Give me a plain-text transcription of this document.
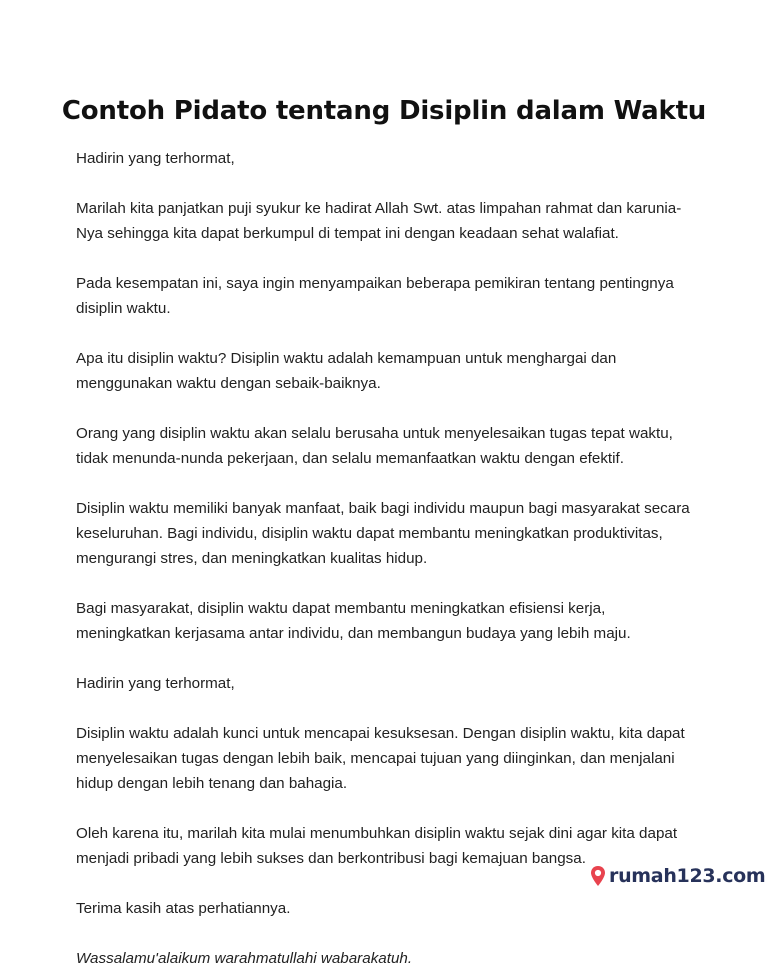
Contoh Pidato tentang Disiplin dalam Waktu

Hadirin yang terhormat,

Marilah kita panjatkan puji syukur ke hadirat Allah Swt. atas limpahan rahmat dan karunia-Nya sehingga kita dapat berkumpul di tempat ini dengan keadaan sehat walafiat.

Pada kesempatan ini, saya ingin menyampaikan beberapa pemikiran tentang pentingnya disiplin waktu.

Apa itu disiplin waktu? Disiplin waktu adalah kemampuan untuk menghargai dan menggunakan waktu dengan sebaik-baiknya.

Orang yang disiplin waktu akan selalu berusaha untuk menyelesaikan tugas tepat waktu, tidak menunda-nunda pekerjaan, dan selalu memanfaatkan waktu dengan efektif.

Disiplin waktu memiliki banyak manfaat, baik bagi individu maupun bagi masyarakat secara keseluruhan. Bagi individu, disiplin waktu dapat membantu meningkatkan produktivitas, mengurangi stres, dan meningkatkan kualitas hidup.

Bagi masyarakat, disiplin waktu dapat membantu meningkatkan efisiensi kerja, meningkatkan kerjasama antar individu, dan membangun budaya yang lebih maju.

Hadirin yang terhormat,

Disiplin waktu adalah kunci untuk mencapai kesuksesan. Dengan disiplin waktu, kita dapat menyelesaikan tugas dengan lebih baik, mencapai tujuan yang diinginkan, dan menjalani hidup dengan lebih tenang dan bahagia.

Oleh karena itu, marilah kita mulai menumbuhkan disiplin waktu sejak dini agar kita dapat menjadi pribadi yang lebih sukses dan berkontribusi bagi kemajuan bangsa.

Terima kasih atas perhatiannya.

Wassalamu'alaikum warahmatullahi wabarakatuh.

rumah123.com
